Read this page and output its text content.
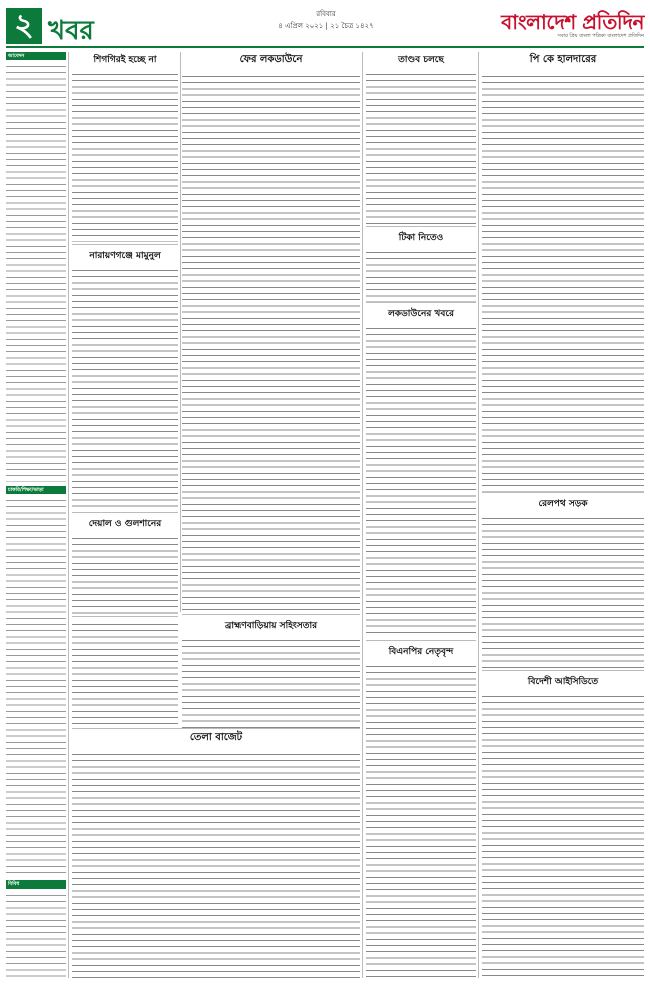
২ খবর
রবিবার
৪ এপ্রিল ২০২১ | ২১ চৈত্র ১৪২৭	বাংলাদেশ প্রতিদিন
সবার প্রিয় বাংলা পত্রিকা বাংলাদেশ প্রতিদিন
আবেদন
চাকরি/শিক্ষা/ভাড়া
বিবিধ
শিগগিরই হচ্ছে না
নারায়ণগঞ্জে মামুনুল
দেয়াল ও গুলশানের
ফের লকডাউনে	তাণ্ডব চলছে
টিকা নিতেও
লকডাউনের খবরে
বিএনপির নেতৃবৃন্দ
পি কে হালদারের
রেলপথ সড়ক
বিদেশী আইসিডিতে
ব্রাহ্মণবাড়িয়ায় সহিংসতার
তেলা বাজেট
